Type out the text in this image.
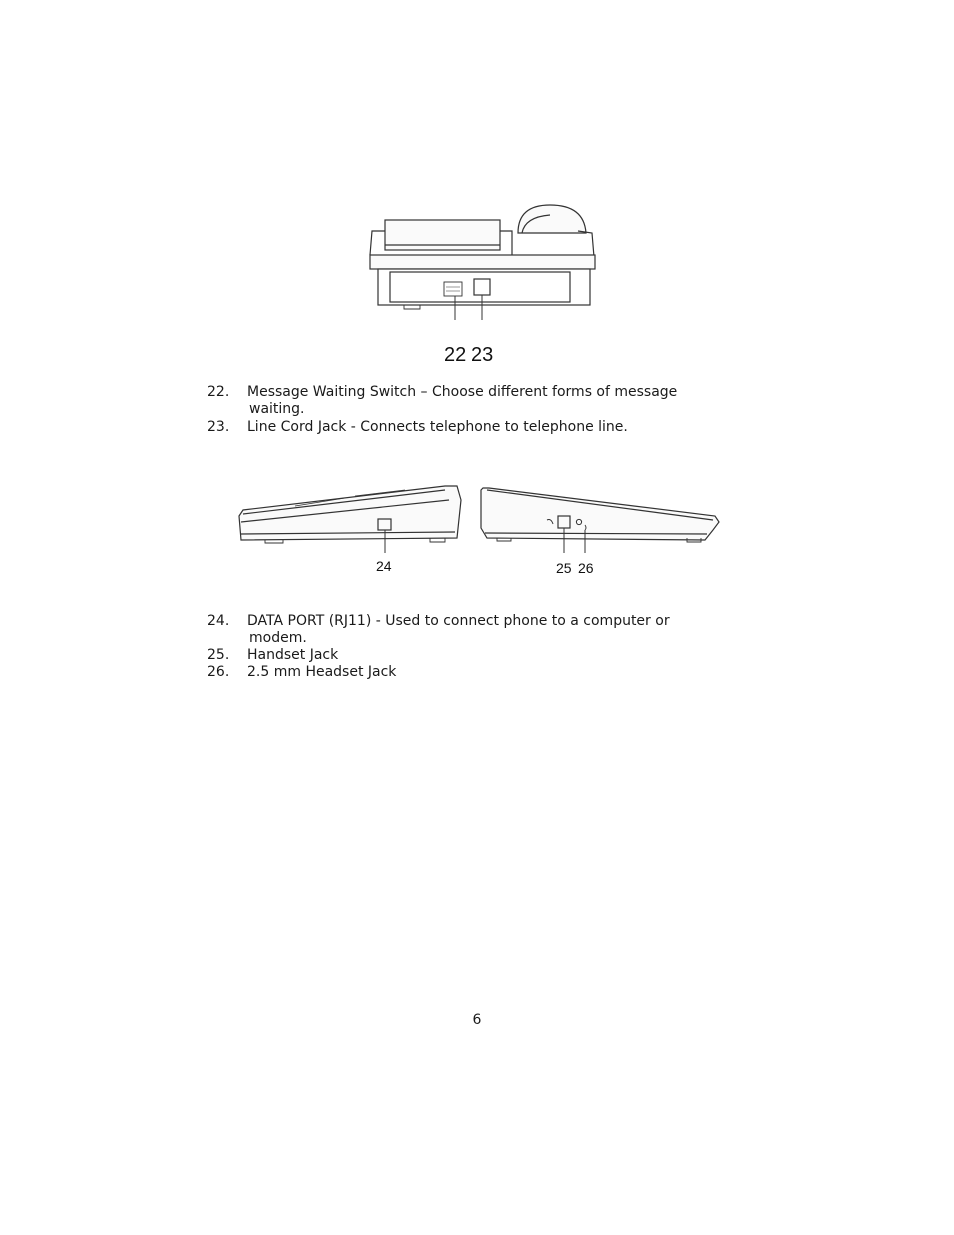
22 23
22. Message Waiting Switch – Choose different forms of message
waiting.
23. Line Cord Jack - Connects telephone to telephone line.
24	25 26
24. DATA PORT (RJ11) - Used to connect phone to a computer or
modem.
25. Handset Jack
26. 2.5 mm Headset Jack
6
